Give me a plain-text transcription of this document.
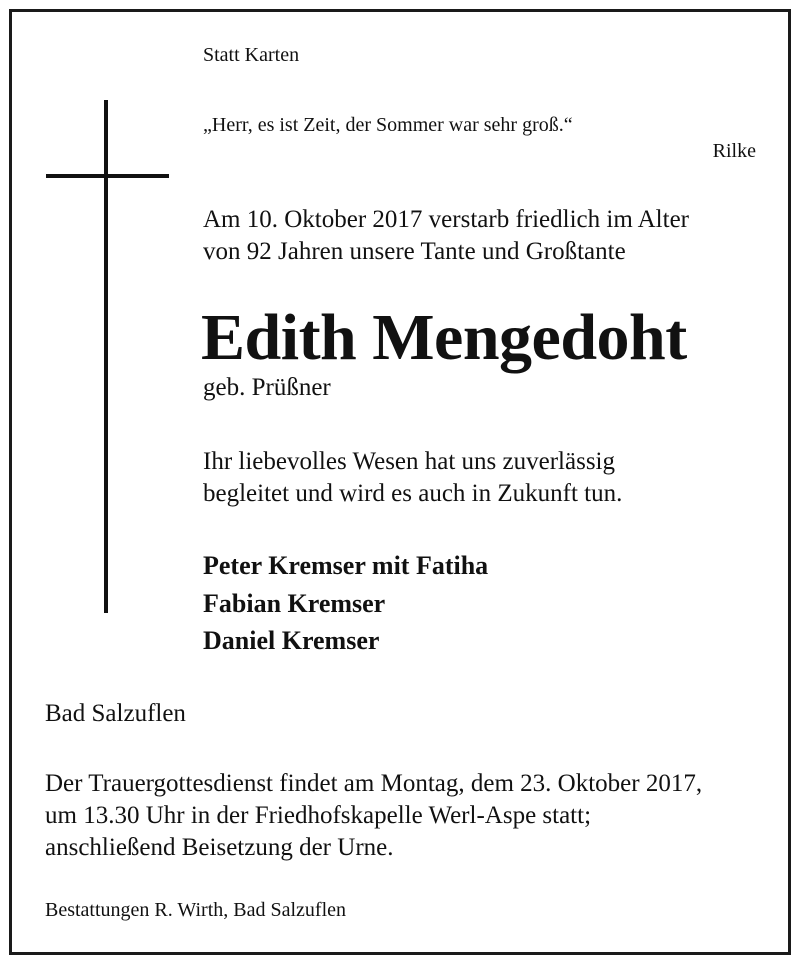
Statt Karten
„Herr, es ist Zeit, der Sommer war sehr groß.“
Rilke
Am 10. Oktober 2017 verstarb friedlich im Alter
von 92 Jahren unsere Tante und Großtante
Edith Mengedoht
geb. Prüßner
Ihr liebevolles Wesen hat uns zuverlässig
begleitet und wird es auch in Zukunft tun.
Peter Kremser mit Fatiha
Fabian Kremser
Daniel Kremser
Bad Salzuflen
Der Trauergottesdienst findet am Montag, dem 23. Oktober 2017,
um 13.30 Uhr in der Friedhofskapelle Werl-Aspe statt;
anschließend Beisetzung der Urne.
Bestattungen R. Wirth, Bad Salzuflen
